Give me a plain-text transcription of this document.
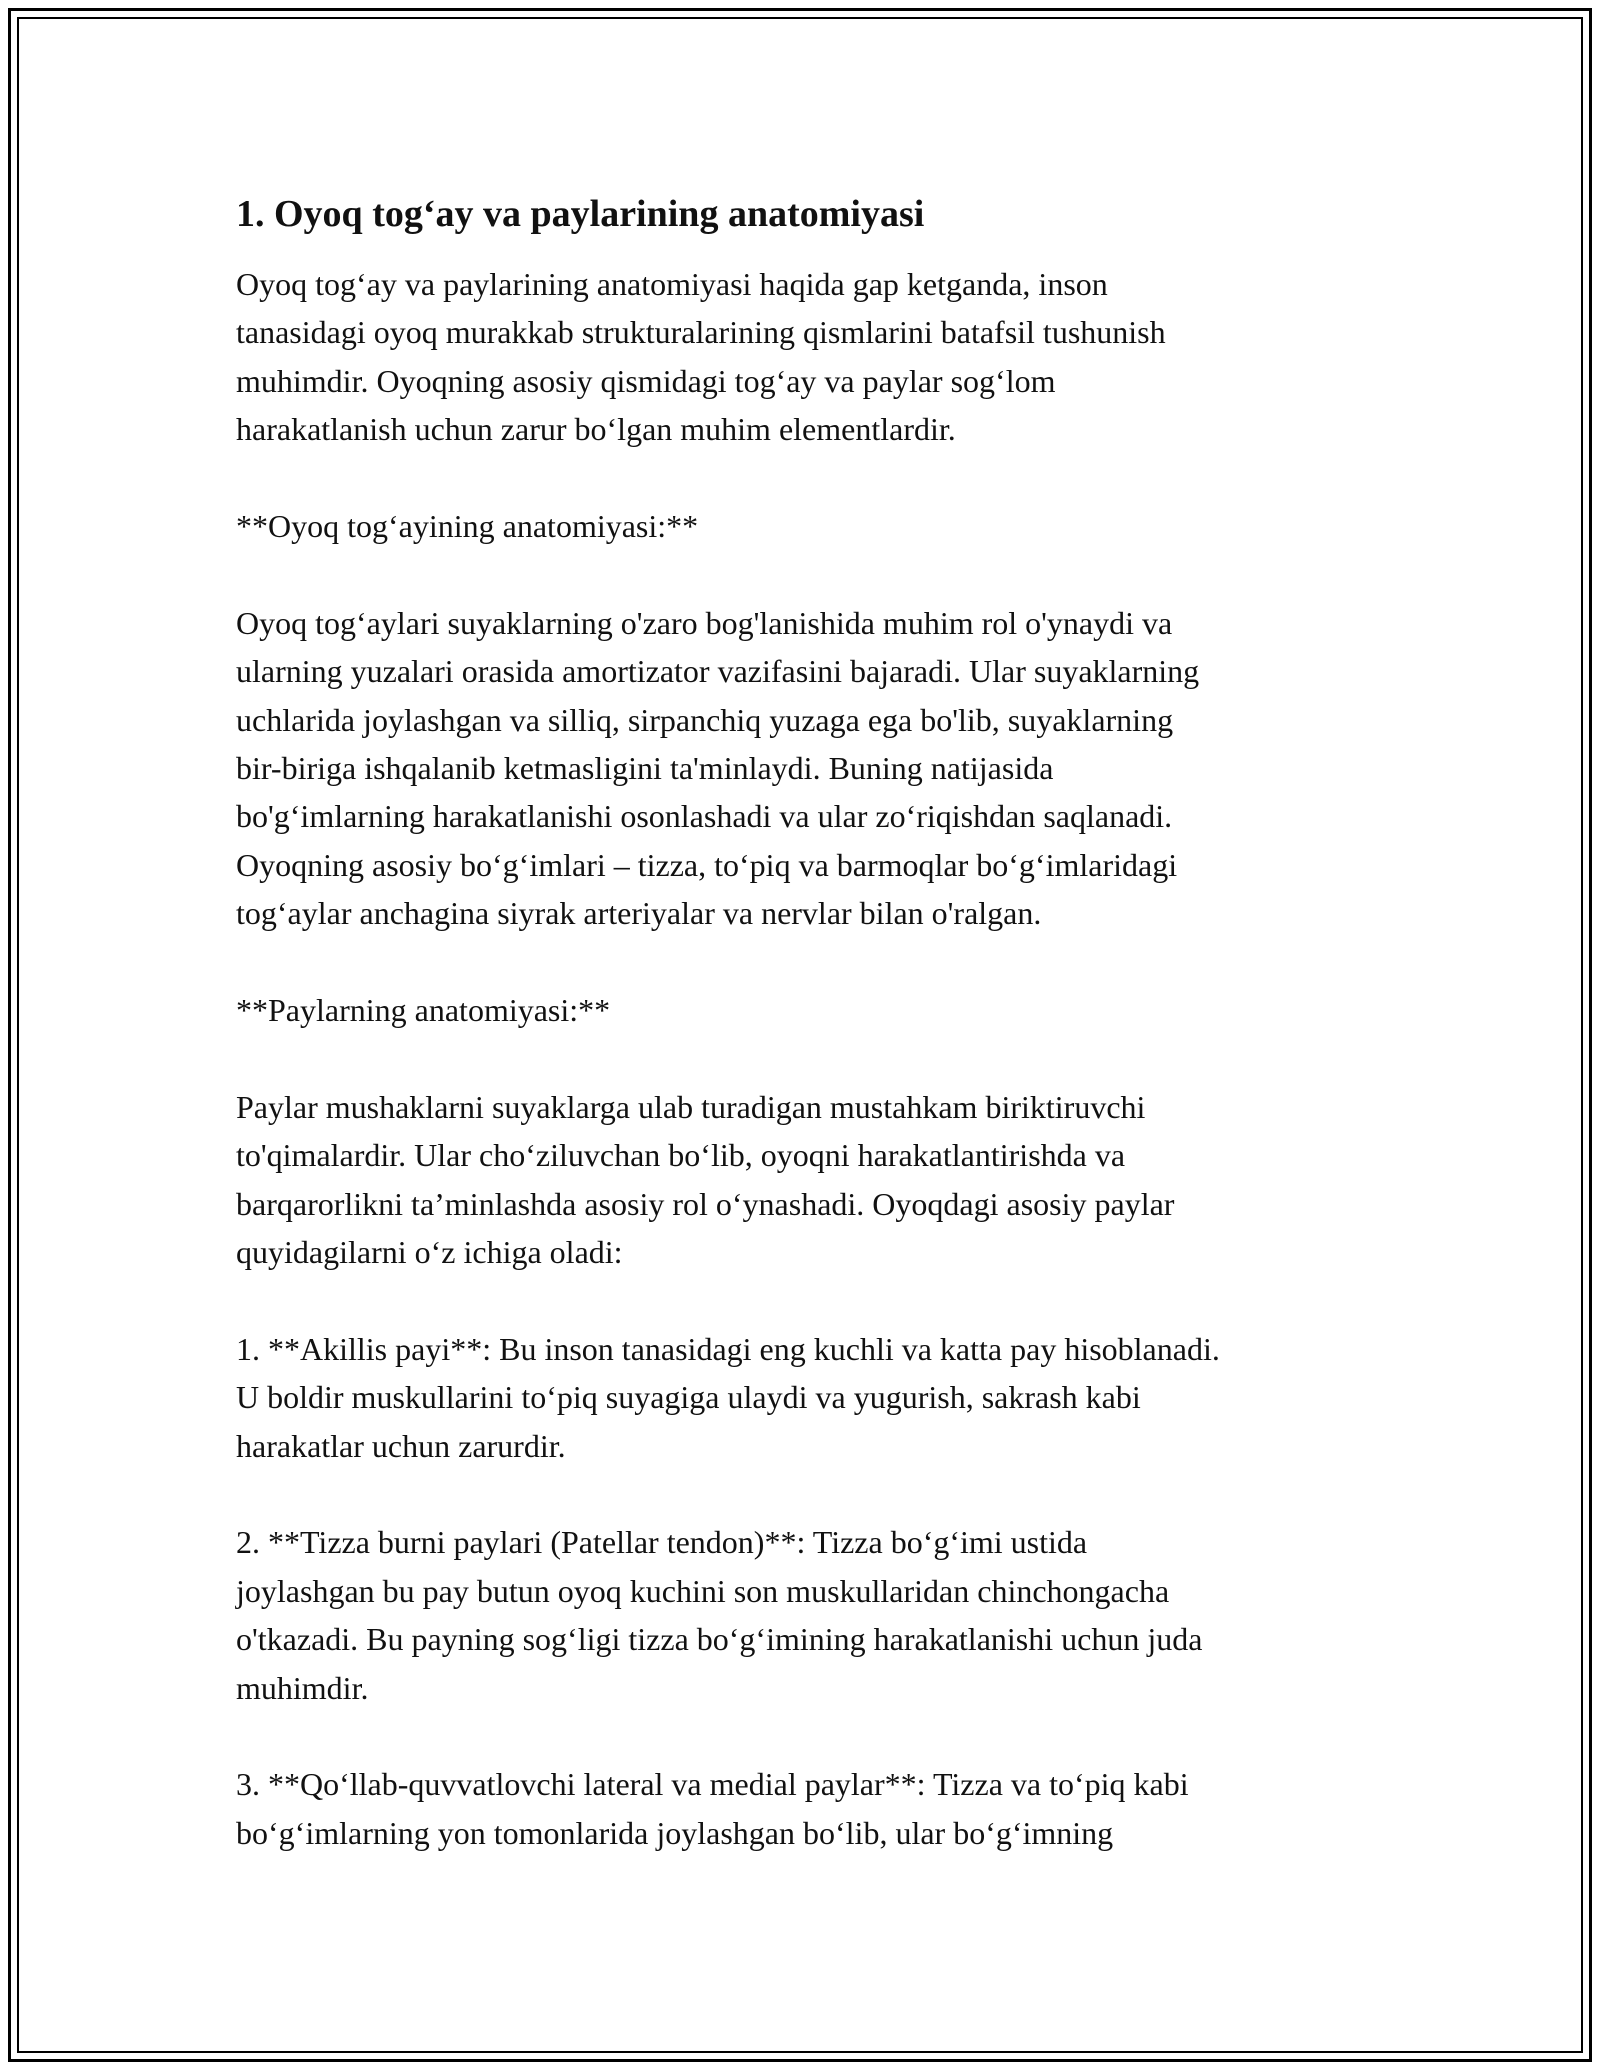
1. Oyoq tog‘ay va paylarining anatomiyasi

Oyoq tog‘ay va paylarining anatomiyasi haqida gap ketganda, inson
tanasidagi oyoq murakkab strukturalarining qismlarini batafsil tushunish
muhimdir. Oyoqning asosiy qismidagi tog‘ay va paylar sog‘lom
harakatlanish uchun zarur bo‘lgan muhim elementlardir.

**Oyoq tog‘ayining anatomiyasi:**

Oyoq tog‘aylari suyaklarning o'zaro bog'lanishida muhim rol o'ynaydi va
ularning yuzalari orasida amortizator vazifasini bajaradi. Ular suyaklarning
uchlarida joylashgan va silliq, sirpanchiq yuzaga ega bo'lib, suyaklarning
bir-biriga ishqalanib ketmasligini ta'minlaydi. Buning natijasida
bo'g‘imlarning harakatlanishi osonlashadi va ular zo‘riqishdan saqlanadi.
Oyoqning asosiy bo‘g‘imlari – tizza, to‘piq va barmoqlar bo‘g‘imlaridagi
tog‘aylar anchagina siyrak arteriyalar va nervlar bilan o'ralgan.

**Paylarning anatomiyasi:**

Paylar mushaklarni suyaklarga ulab turadigan mustahkam biriktiruvchi
to'qimalardir. Ular cho‘ziluvchan bo‘lib, oyoqni harakatlantirishda va
barqarorlikni ta’minlashda asosiy rol o‘ynashadi. Oyoqdagi asosiy paylar
quyidagilarni o‘z ichiga oladi:

1. **Akillis payi**: Bu inson tanasidagi eng kuchli va katta pay hisoblanadi.
U boldir muskullarini to‘piq suyagiga ulaydi va yugurish, sakrash kabi
harakatlar uchun zarurdir.

2. **Tizza burni paylari (Patellar tendon)**: Tizza bo‘g‘imi ustida
joylashgan bu pay butun oyoq kuchini son muskullaridan chinchongacha
o'tkazadi. Bu payning sog‘ligi tizza bo‘g‘imining harakatlanishi uchun juda
muhimdir.

3. **Qo‘llab-quvvatlovchi lateral va medial paylar**: Tizza va to‘piq kabi
bo‘g‘imlarning yon tomonlarida joylashgan bo‘lib, ular bo‘g‘imning
